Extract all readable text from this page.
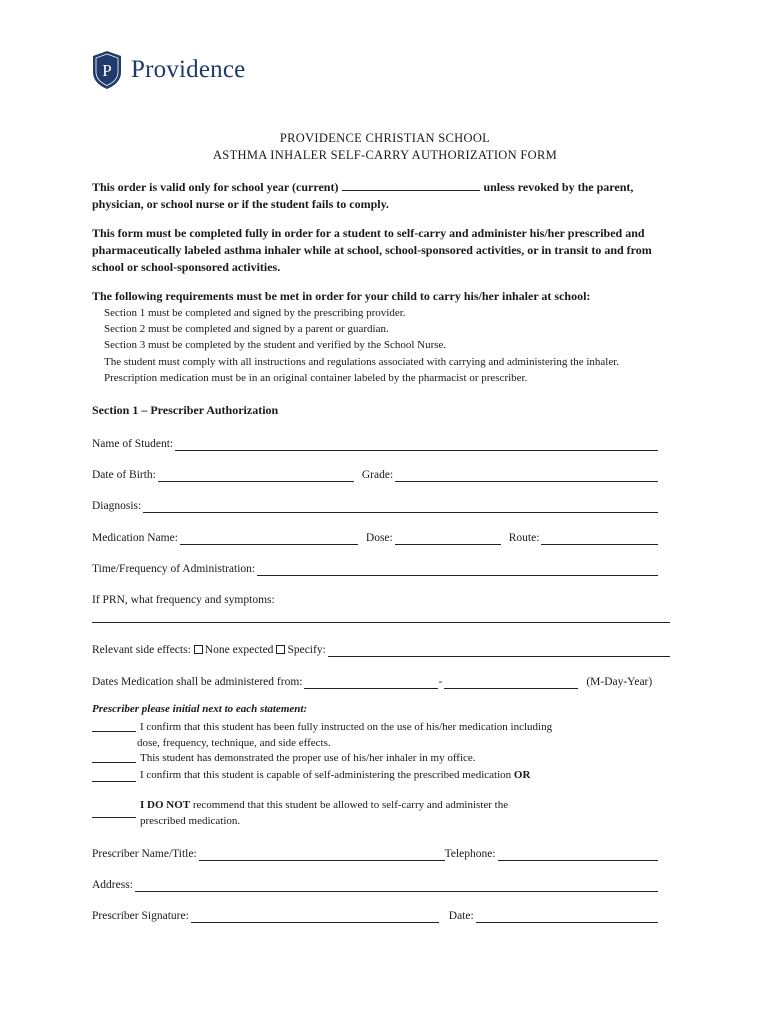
P Providence
PROVIDENCE CHRISTIAN SCHOOL
ASTHMA INHALER SELF-CARRY AUTHORIZATION FORM
This order is valid only for school year (current)	unless revoked by the parent, physician, or school nurse or if the student fails to comply.
This form must be completed fully in order for a student to self-carry and administer his/her prescribed and pharmaceutically labeled asthma inhaler while at school, school-sponsored activities, or in transit to and from school or school-sponsored activities.
The following requirements must be met in order for your child to carry his/her inhaler at school:
Section 1 must be completed and signed by the prescribing provider.
Section 2 must be completed and signed by a parent or guardian.
Section 3 must be completed by the student and verified by the School Nurse.
The student must comply with all instructions and regulations associated with carrying and administering the inhaler.
Prescription medication must be in an original container labeled by the pharmacist or prescriber.
Section 1 – Prescriber Authorization
Name of Student:
Date of Birth:	Grade:
Diagnosis:
Medication Name:	Dose:	Route:
Time/Frequency of Administration:
If PRN, what frequency and symptoms:
Relevant side effects: None expected Specify:
Dates Medication shall be administered from:	-	(M-Day-Year)
Prescriber please initial next to each statement:
I confirm that this student has been fully instructed on the use of his/her medication including
dose, frequency, technique, and side effects.
This student has demonstrated the proper use of his/her inhaler in my office.
I confirm that this student is capable of self-administering the prescribed medication OR
I DO NOT recommend that this student be allowed to self-carry and administer the
prescribed medication.
Prescriber Name/Title:	Telephone:
Address:
Prescriber Signature:	Date:
